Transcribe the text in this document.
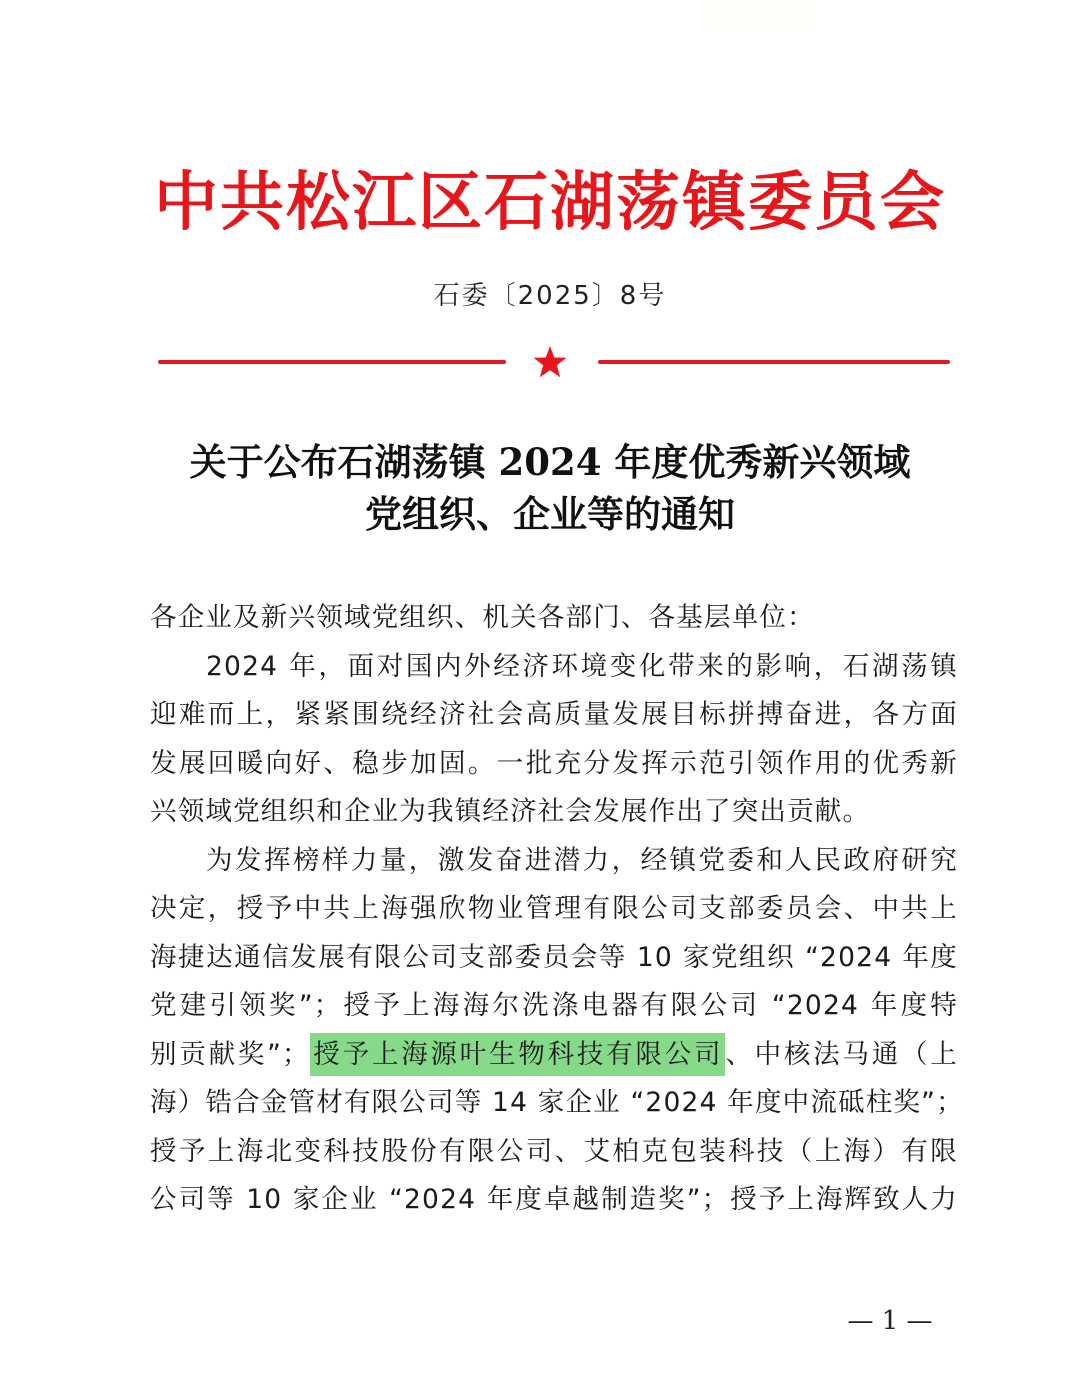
中共松江区石湖荡镇委员会
石委〔2025〕8号
关于公布石湖荡镇 2024 年度优秀新兴领域
党组织、企业等的通知
各企业及新兴领域党组织、机关各部门、各基层单位：
2024 年，面对国内外经济环境变化带来的影响，石湖荡镇
迎难而上，紧紧围绕经济社会高质量发展目标拼搏奋进，各方面
发展回暖向好、稳步加固。一批充分发挥示范引领作用的优秀新
兴领域党组织和企业为我镇经济社会发展作出了突出贡献。
为发挥榜样力量，激发奋进潜力，经镇党委和人民政府研究
决定，授予中共上海强欣物业管理有限公司支部委员会、中共上
海捷达通信发展有限公司支部委员会等 10 家党组织 “2024 年度
党建引领奖”；授予上海海尔洗涤电器有限公司 “2024 年度特
别贡献奖”；授予上海源叶生物科技有限公司、中核法马通（上
海）锆合金管材有限公司等 14 家企业 “2024 年度中流砥柱奖”；
授予上海北变科技股份有限公司、艾柏克包装科技（上海）有限
公司等 10 家企业 “2024 年度卓越制造奖”；授予上海辉致人力
— 1 —
